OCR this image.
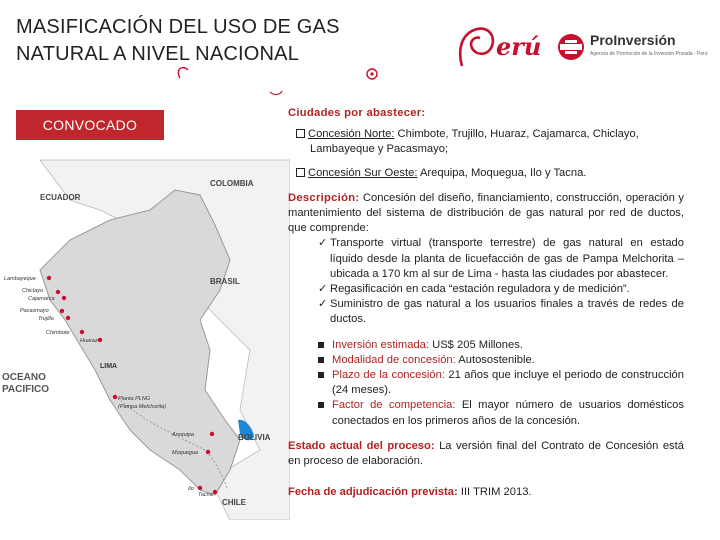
MASIFICACIÓN DEL USO DE GAS
NATURAL A NIVEL NACIONAL	erú	ProInversión
Agencia de Promoción de la Inversión Privada - Perú
CONVOCADO
COLOMBIA
ECUADOR
BRASIL
BOLIVIA
CHILE
OCEANO
PACIFICO
Lambayeque
Chiclayo
Cajamarca
Pacasmayo
Trujillo
Chimbote
Huaraz
Arequipa
Moquegua
Ilo
Tacna
Planta PLNG
(Pampa Melchorita)
LIMA
Ciudades por abastecer:
Concesión Norte: Chimbote, Trujillo, Huaraz, Cajamarca, Chiclayo, Lambayeque y Pacasmayo;
Concesión Sur Oeste: Arequipa, Moquegua, Ilo y Tacna.
Descripción: Concesión del diseño, financiamiento, construcción, operación y mantenimiento del sistema de distribución de gas natural por red de ductos, que comprende:
✓ Transporte virtual (transporte terrestre) de gas natural en estado líquido desde la planta de licuefacción de gas de Pampa Melchorita – ubicada a 170 km al sur de Lima - hasta las ciudades por abastecer.
✓ Regasificación en cada “estación reguladora y de medición”.
✓ Suministro de gas natural a los usuarios finales a través de redes de ductos.
Inversión estimada: US$ 205 Millones.
Modalidad de concesión: Autosostenible.
Plazo de la concesión: 21 años que incluye el periodo de construcción (24 meses).
Factor de competencia: El mayor número de usuarios domésticos conectados en los primeros años de la concesión.
Estado actual del proceso: La versión final del Contrato de Concesión está en proceso de elaboración.
Fecha de adjudicación prevista: III TRIM 2013.
